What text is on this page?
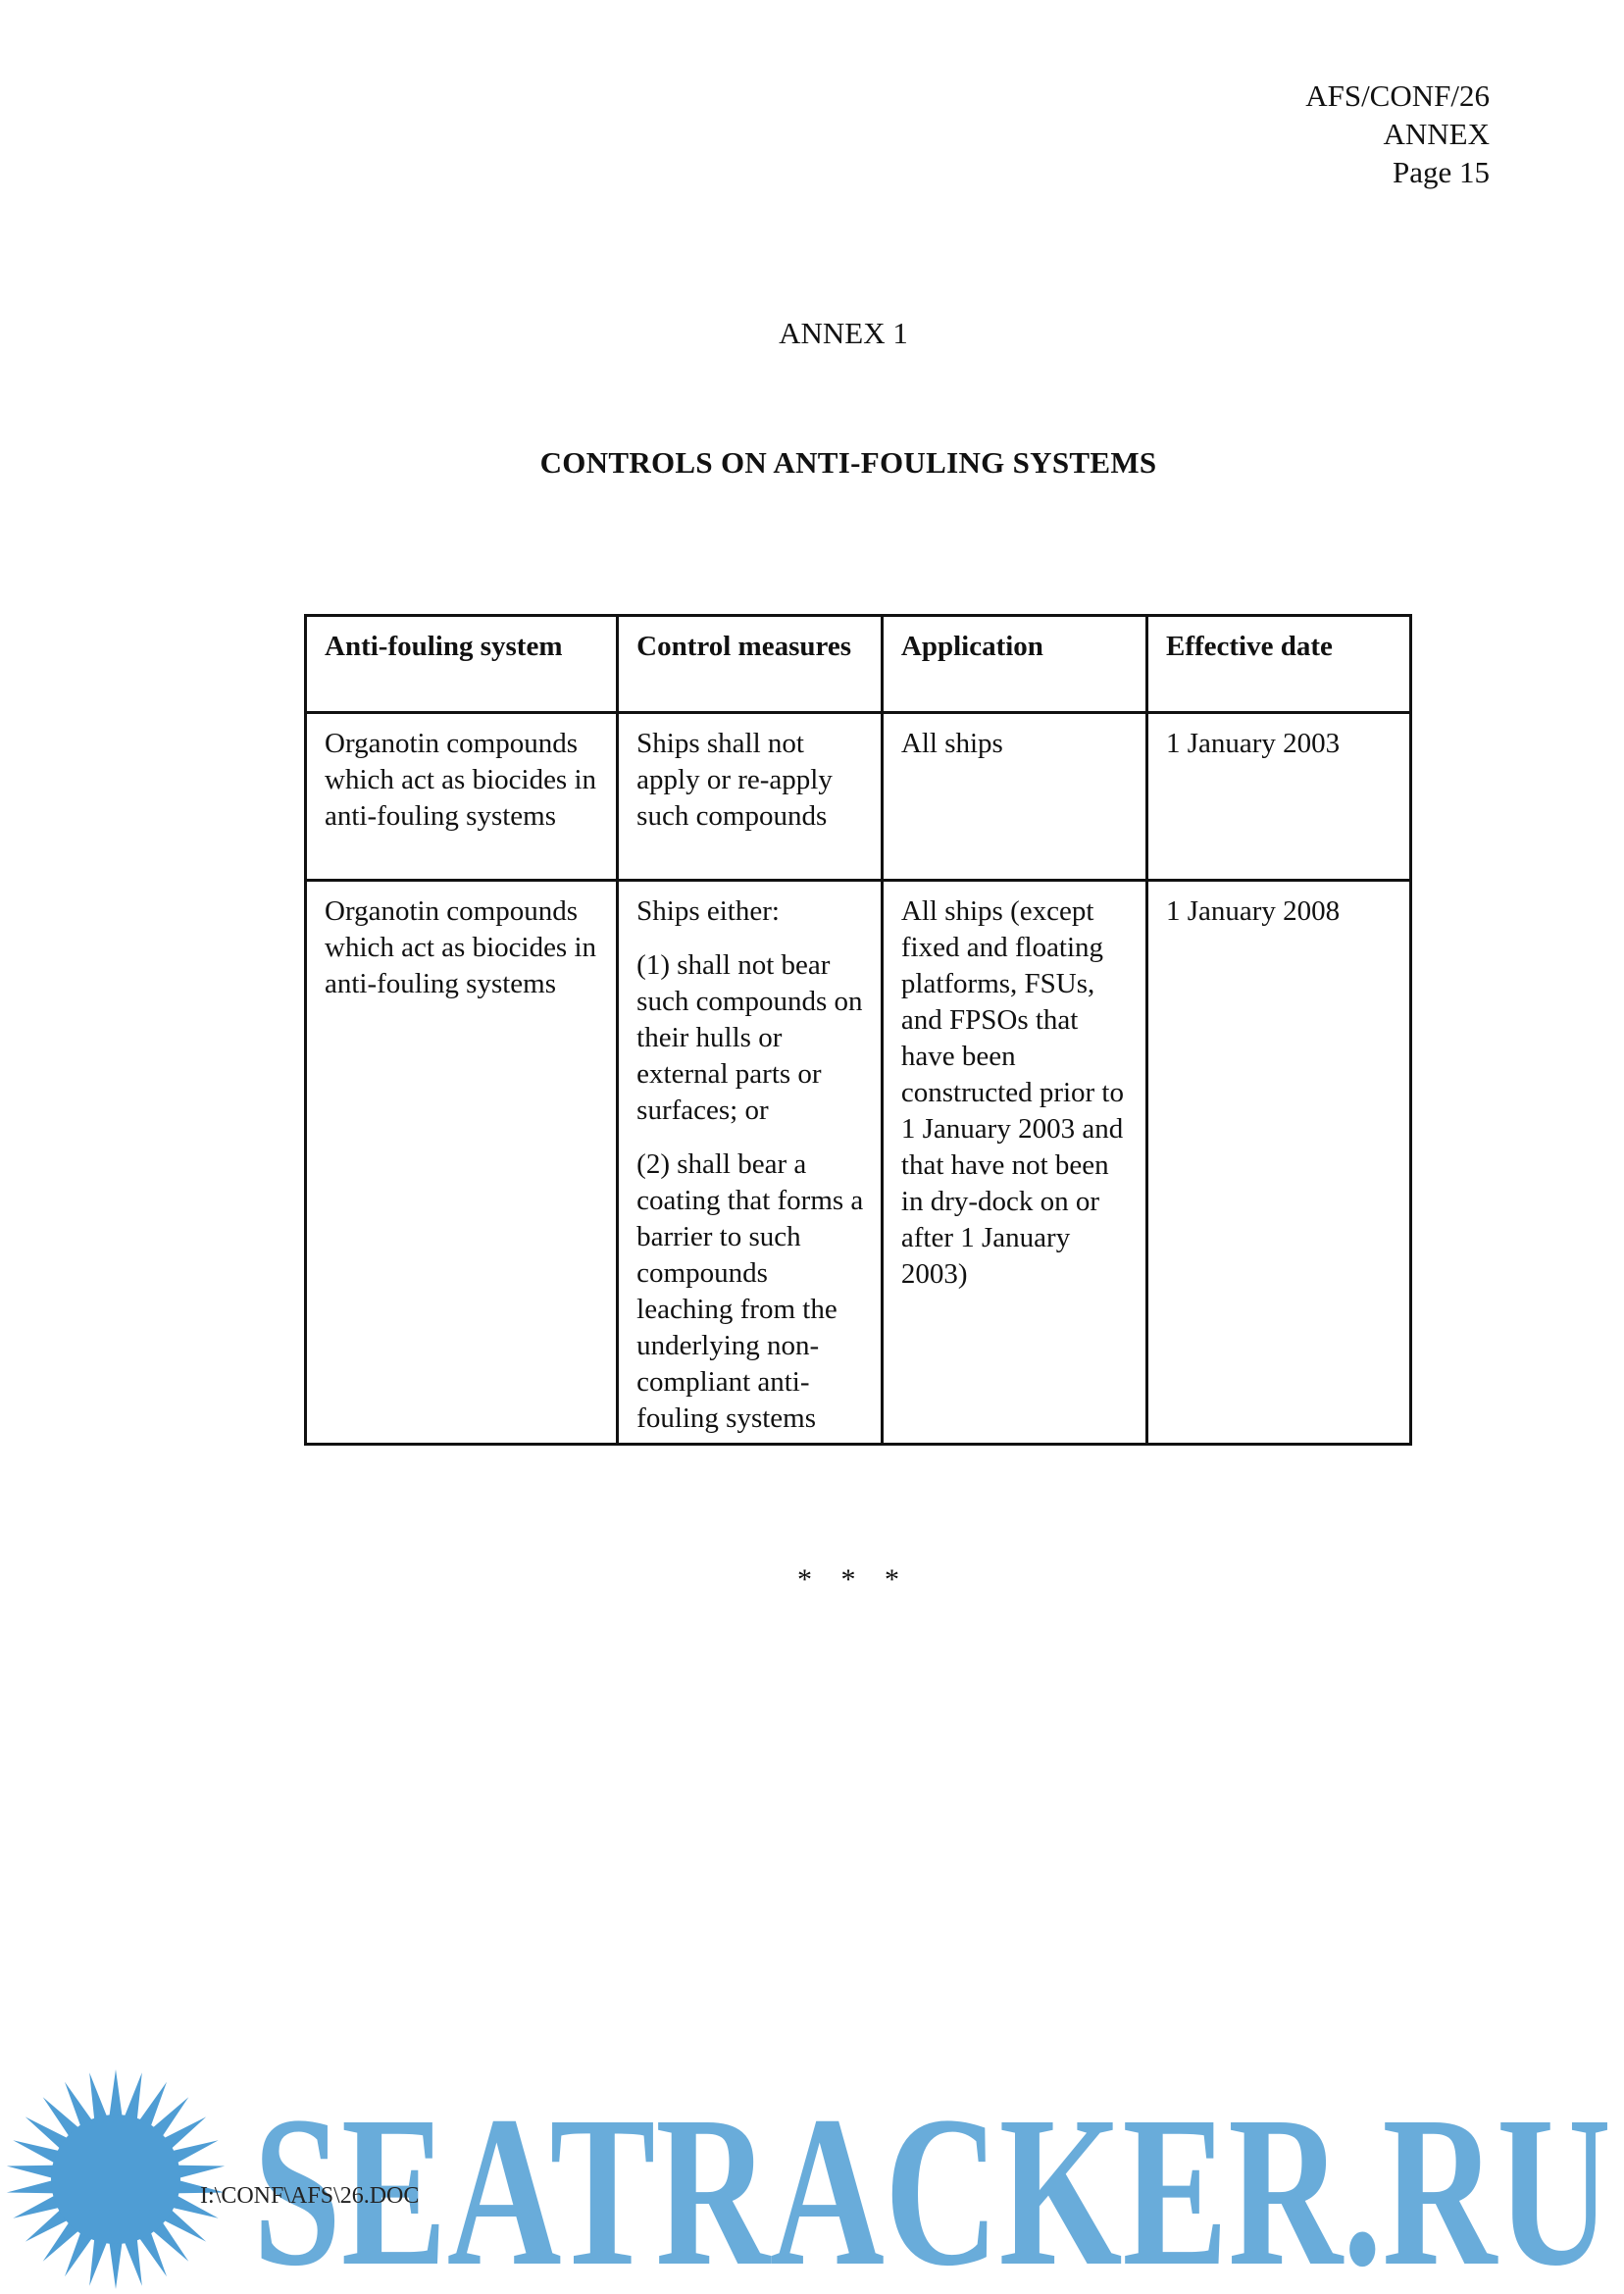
AFS/CONF/26
ANNEX
Page 15
ANNEX 1
CONTROLS ON ANTI-FOULING SYSTEMS
Anti-fouling system	Control measures	Application	Effective date
Organotin compounds which act as biocides in anti-fouling systems	Ships shall not apply or re-apply such compounds	All ships	1 January 2003
Organotin compounds which act as biocides in anti-fouling systems	Ships either:

(1) shall not bear such compounds on their hulls or external parts or surfaces; or

(2) shall bear a coating that forms a barrier to such compounds leaching from the underlying non-compliant anti-fouling systems	All ships (except fixed and floating platforms, FSUs, and FPSOs that have been constructed prior to 1 January 2003 and that have not been in dry-dock on or after 1 January 2003)	1 January 2008
* * *
SEATRACKER.RU
I:\CONF\AFS\26.DOC
